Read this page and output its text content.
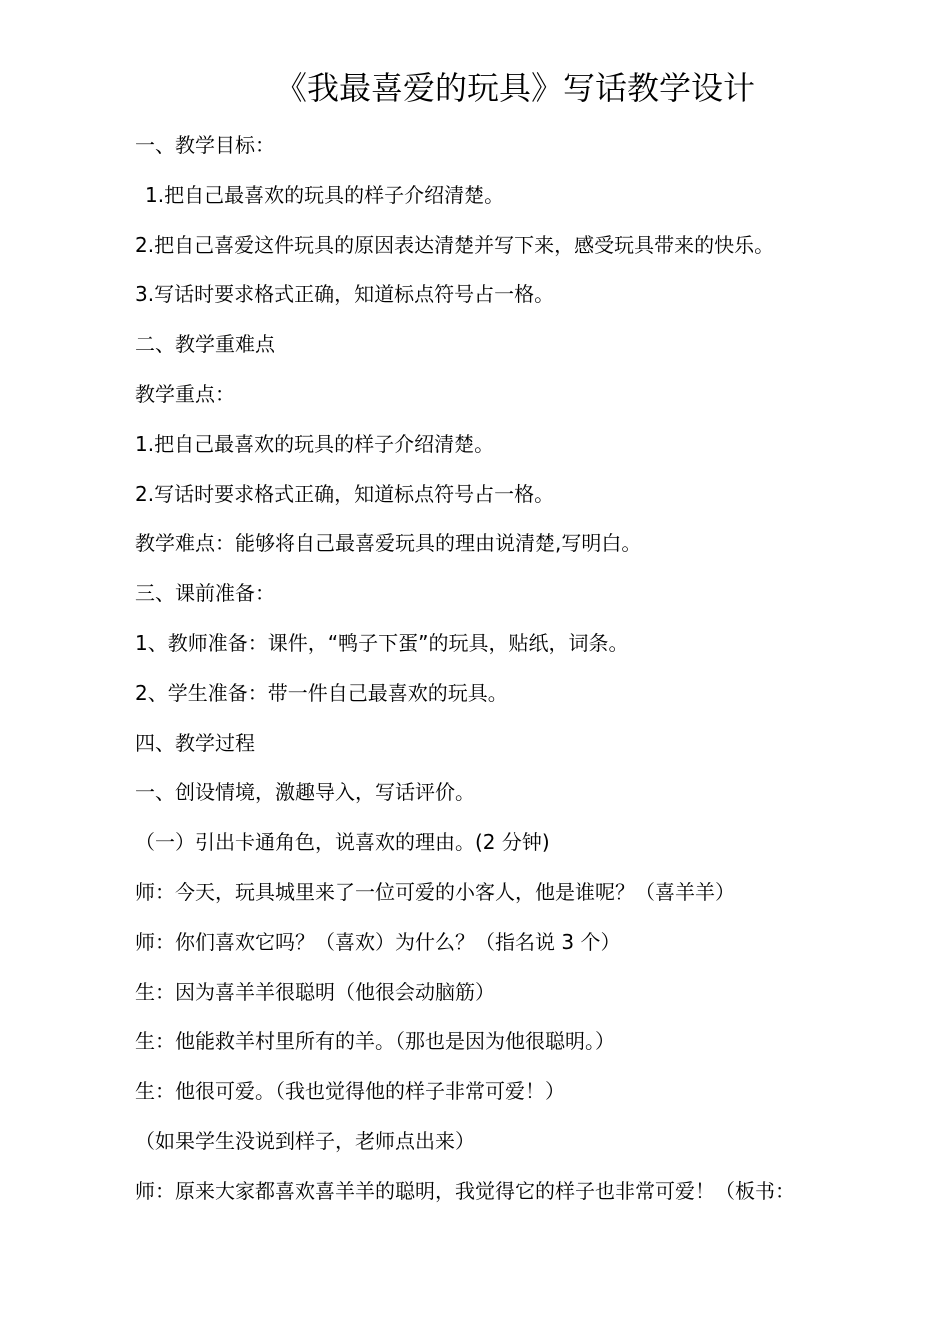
《我最喜爱的玩具》写话教学设计
一、教学目标：
1.把自己最喜欢的玩具的样子介绍清楚。
2.把自己喜爱这件玩具的原因表达清楚并写下来，感受玩具带来的快乐。
3.写话时要求格式正确，知道标点符号占一格。
二、教学重难点
教学重点：
1.把自己最喜欢的玩具的样子介绍清楚。
2.写话时要求格式正确，知道标点符号占一格。
教学难点：能够将自己最喜爱玩具的理由说清楚,写明白。
三、课前准备：
1、教师准备：课件，“鸭子下蛋”的玩具，贴纸，词条。
2、学生准备：带一件自己最喜欢的玩具。
四、教学过程
一、创设情境，激趣导入，写话评价。
（一）引出卡通角色，说喜欢的理由。(2 分钟)
师：今天，玩具城里来了一位可爱的小客人，他是谁呢？（喜羊羊）
师：你们喜欢它吗？（喜欢）为什么？（指名说 3 个）
生：因为喜羊羊很聪明（他很会动脑筋）
生：他能救羊村里所有的羊。（那也是因为他很聪明。）
生：他很可爱。（我也觉得他的样子非常可爱！）
（如果学生没说到样子，老师点出来）
师：原来大家都喜欢喜羊羊的聪明，我觉得它的样子也非常可爱！（板书：
